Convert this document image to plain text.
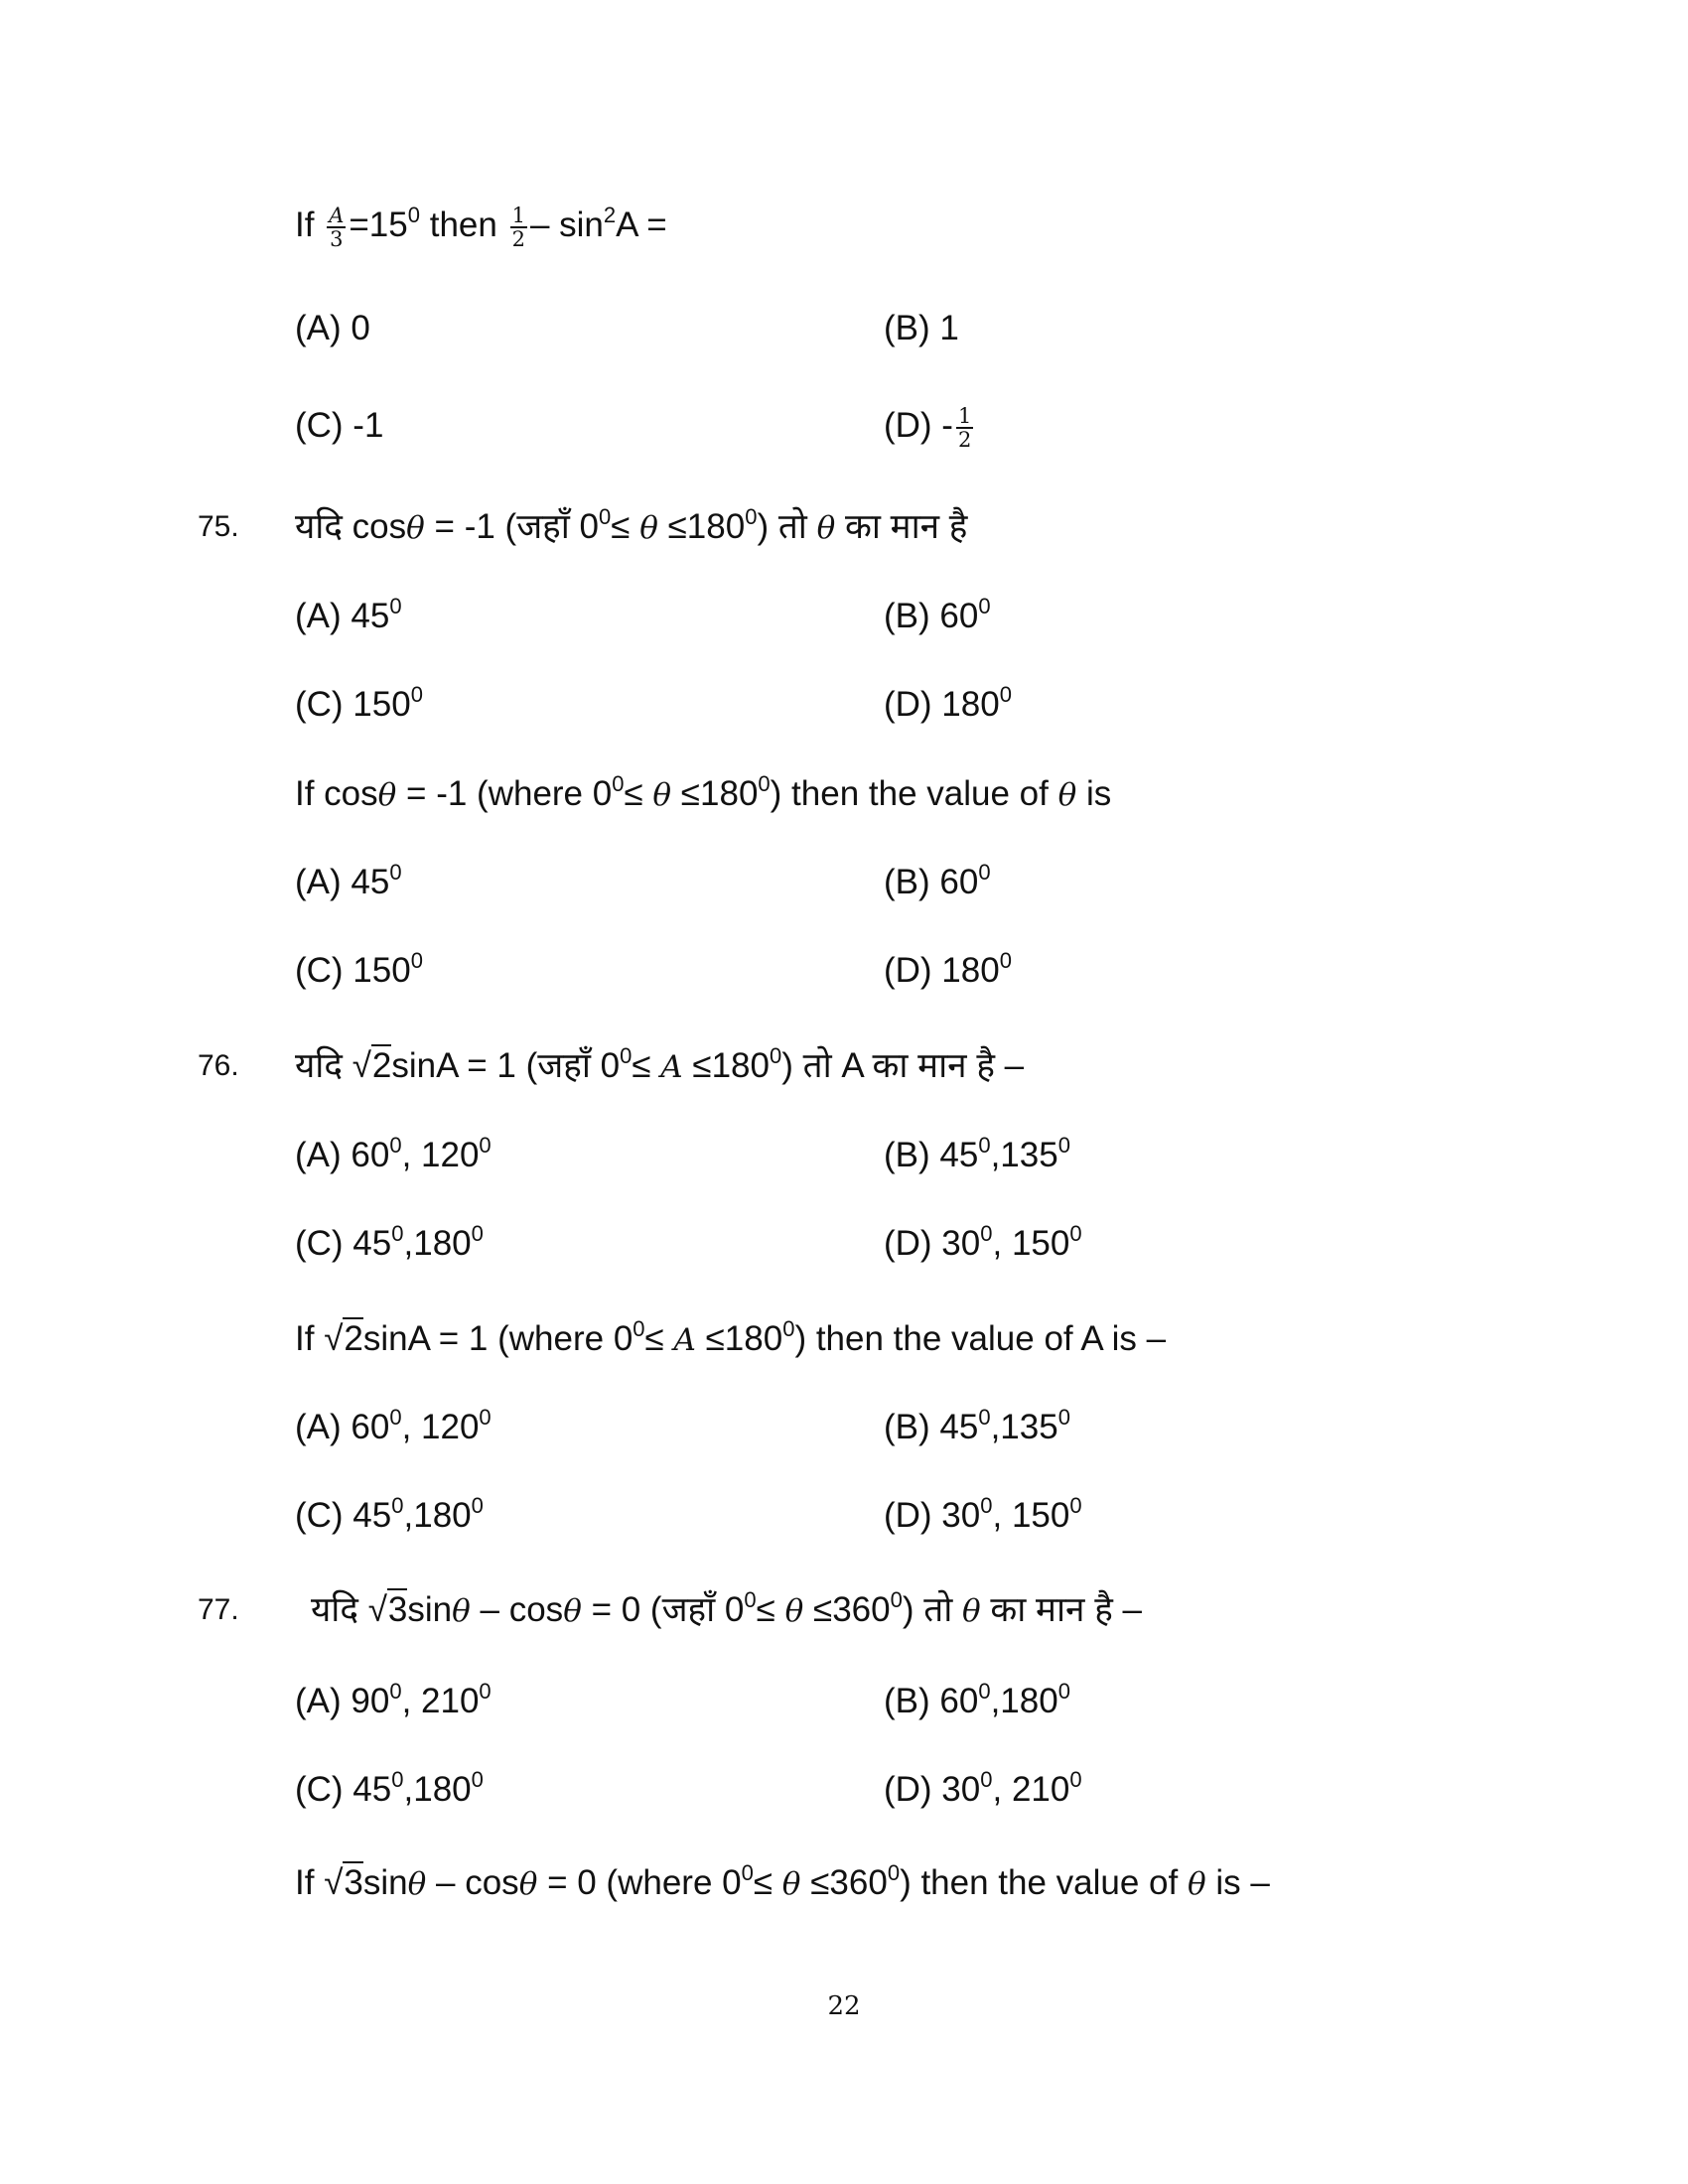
If $\frac{A}{3} =15^0$ then $\frac{1}{2} - \sin^2A$ =
(A) 0	(B) 1
(C) -1	$(D) - \frac{1}{2}$
75. यदि cosθ = -1 (जहाँ $0^0\le \theta \le 180^0$) तो θ का मान है
(A) $45^0$	(B) $60^0$
(C) $150^0$	(D) $180^0$
If cosθ = -1 (where $0^0\le \theta \le 180^0$) then the value of θ is
(A) $45^0$	(B) $60^0$
(C) $150^0$	(D) $180^0$
76. यदि √2sinA = 1 (जहाँ $0^0\le A \le 180^0$) तो A का मान है –
(A) $60^0$, $120^0$	(B) $45^0,135^0$
(C) $45^0,180^0$	(D) $30^0$, $150^0$
If √2sinA = 1 (where $0^0\le A \le 180^0$) then the value of A is –
(A) $60^0$, $120^0$	(B) $45^0,135^0$
(C) $45^0,180^0$	(D) $30^0$, $150^0$
77. यदि √3sinθ – cosθ = 0 (जहाँ $0^0\le \theta \le 360^0$) तो θ का मान है –
(A) $90^0$, $210^0$	(B) $60^0,180^0$
(C) $45^0,180^0$	(D) $30^0$, $210^0$
If √3sinθ – cosθ = 0 (where $0^0\le \theta \le 360^0$) then the value of θ is –
22
